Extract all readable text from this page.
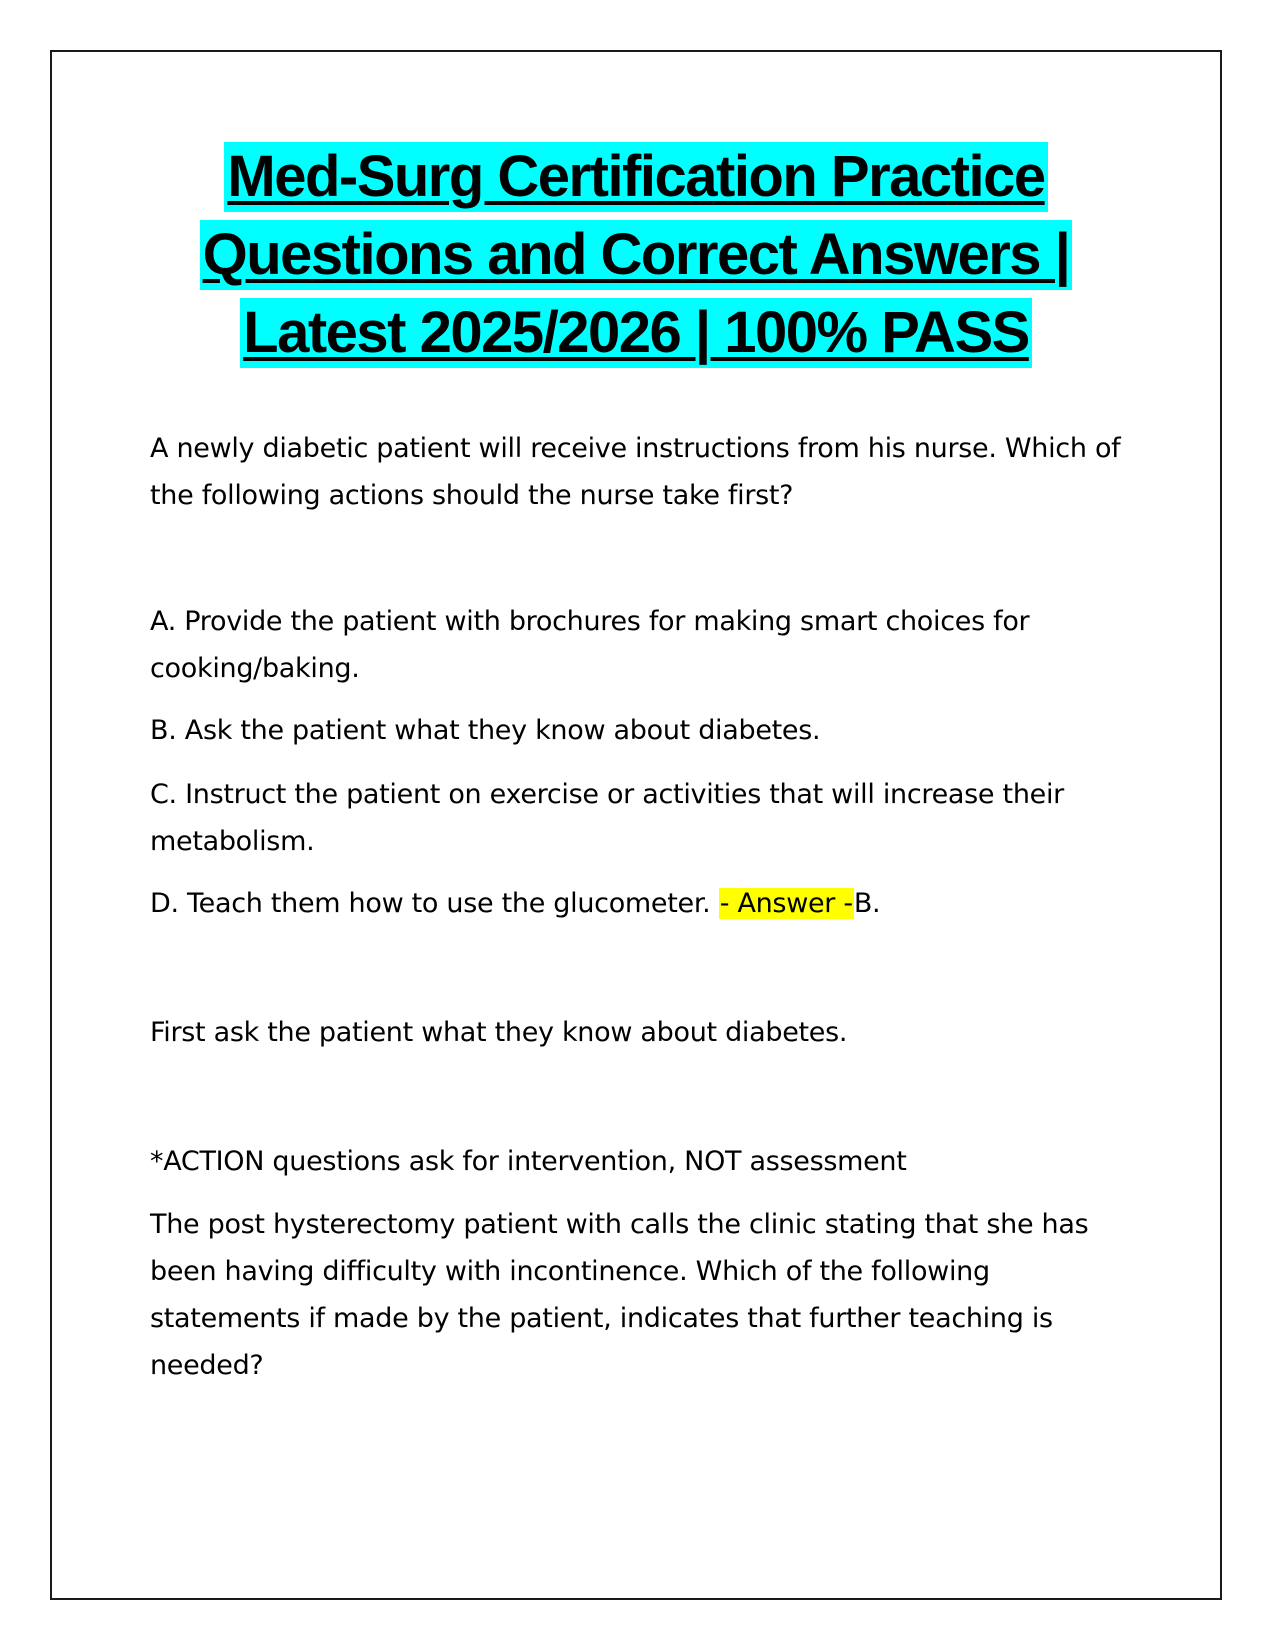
Med-Surg Certification Practice
Questions and Correct Answers |
Latest 2025/2026 | 100% PASS

A newly diabetic patient will receive instructions from his nurse. Which of the following actions should the nurse take first?

A. Provide the patient with brochures for making smart choices for cooking/baking.

B. Ask the patient what they know about diabetes.

C. Instruct the patient on exercise or activities that will increase their metabolism.

D. Teach them how to use the glucometer. - Answer -B.

First ask the patient what they know about diabetes.

*ACTION questions ask for intervention, NOT assessment

The post hysterectomy patient with calls the clinic stating that she has been having difficulty with incontinence. Which of the following statements if made by the patient, indicates that further teaching is needed?
